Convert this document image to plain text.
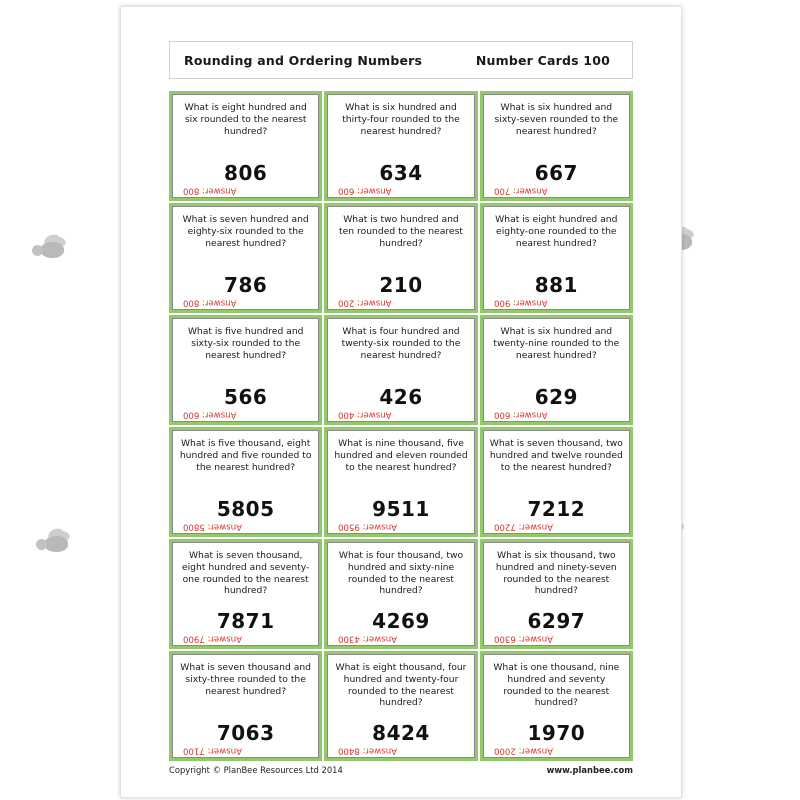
Rounding and Ordering Numbers	Number Cards 100
What is eight hundred and six rounded to the nearest hundred?
806
Answer: 800
What is six hundred and thirty-four rounded to the nearest hundred?
634
Answer: 600
What is six hundred and sixty-seven rounded to the nearest hundred?
667
Answer: 700
What is seven hundred and eighty-six rounded to the nearest hundred?
786
Answer: 800
What is two hundred and ten rounded to the nearest hundred?
210
Answer: 200
What is eight hundred and eighty-one rounded to the nearest hundred?
881
Answer: 900
What is five hundred and sixty-six rounded to the nearest hundred?
566
Answer: 600
What is four hundred and twenty-six rounded to the nearest hundred?
426
Answer: 400
What is six hundred and twenty-nine rounded to the nearest hundred?
629
Answer: 600
What is five thousand, eight hundred and five rounded to the nearest hundred?
5805
Answer: 5800
What is nine thousand, five hundred and eleven rounded to the nearest hundred?
9511
Answer: 9500
What is seven thousand, two hundred and twelve rounded to the nearest hundred?
7212
Answer: 7200
What is seven thousand, eight hundred and seventy-one rounded to the nearest hundred?
7871
Answer: 7900
What is four thousand, two hundred and sixty-nine rounded to the nearest hundred?
4269
Answer: 4300
What is six thousand, two hundred and ninety-seven rounded to the nearest hundred?
6297
Answer: 6300
What is seven thousand and sixty-three rounded to the nearest hundred?
7063
Answer: 7100
What is eight thousand, four hundred and twenty-four rounded to the nearest hundred?
8424
Answer: 8400
What is one thousand, nine hundred and seventy rounded to the nearest hundred?
1970
Answer: 2000
Copyright © PlanBee Resources Ltd 2014	www.planbee.com
